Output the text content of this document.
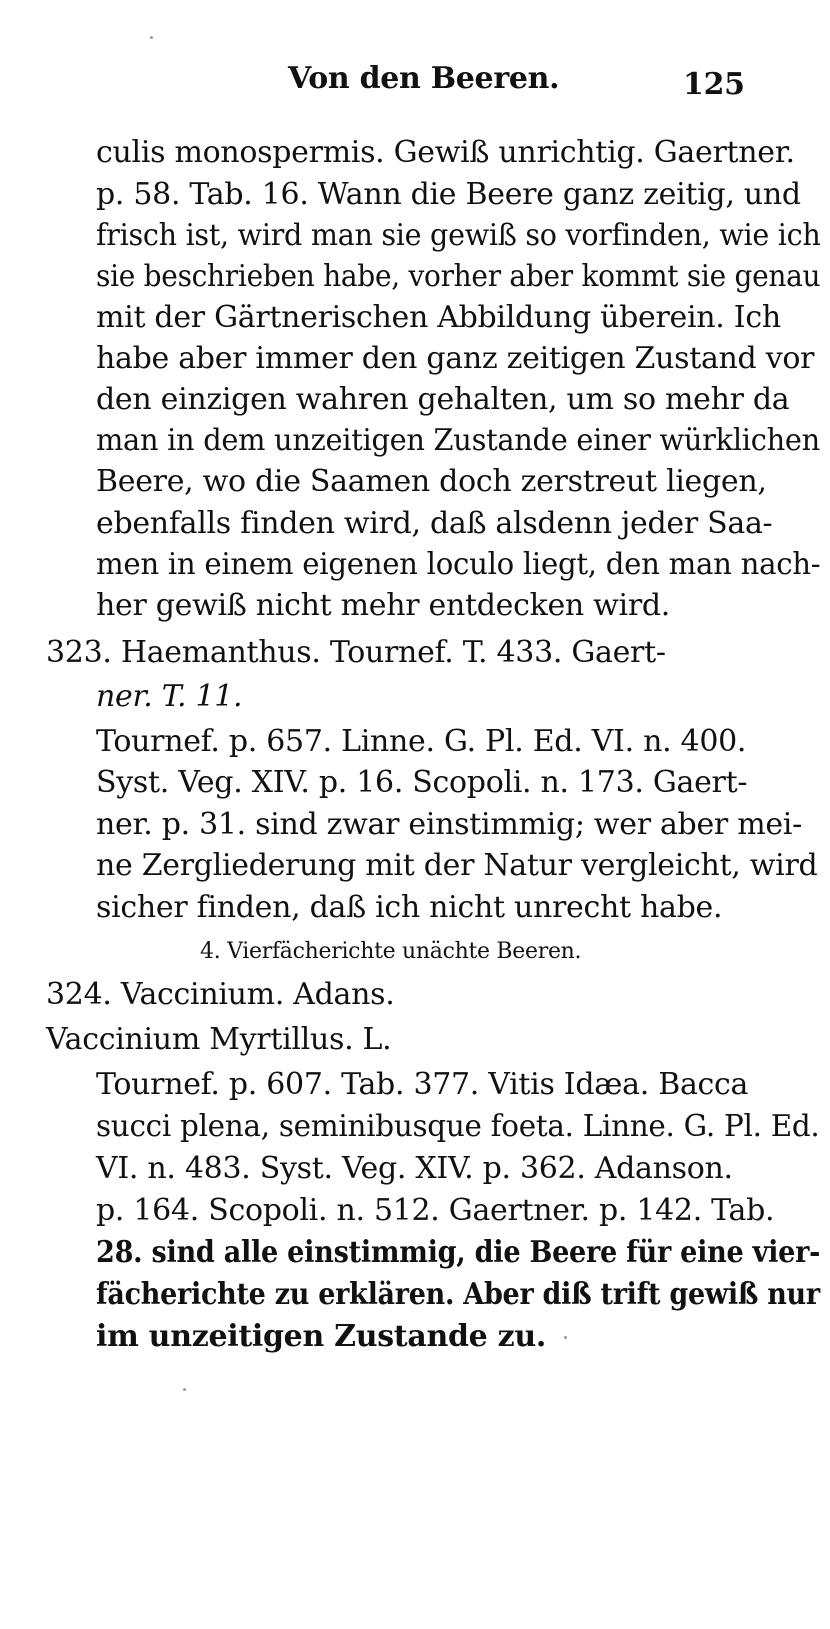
Von den Beeren.	125
culis monospermis. Gewiß unrichtig. Gaertner.
p. 58. Tab. 16. Wann die Beere ganz zeitig, und
frisch ist, wird man sie gewiß so vorfinden, wie ich
sie beschrieben habe, vorher aber kommt sie genau
mit der Gärtnerischen Abbildung überein. Ich
habe aber immer den ganz zeitigen Zustand vor
den einzigen wahren gehalten, um so mehr da
man in dem unzeitigen Zustande einer würklichen
Beere, wo die Saamen doch zerstreut liegen,
ebenfalls finden wird, daß alsdenn jeder Saa-
men in einem eigenen loculo liegt, den man nach-
her gewiß nicht mehr entdecken wird.
323. Haemanthus. Tournef. T. 433. Gaert-
ner. T. 11.
Tournef. p. 657. Linne. G. Pl. Ed. VI. n. 400.
Syst. Veg. XIV. p. 16. Scopoli. n. 173. Gaert-
ner. p. 31. sind zwar einstimmig; wer aber mei-
ne Zergliederung mit der Natur vergleicht, wird
sicher finden, daß ich nicht unrecht habe.
4. Vierfächerichte unächte Beeren.
324. Vaccinium. Adans.
Vaccinium Myrtillus. L.
Tournef. p. 607. Tab. 377. Vitis Idæa. Bacca
succi plena, seminibusque foeta. Linne. G. Pl. Ed.
VI. n. 483. Syst. Veg. XIV. p. 362. Adanson.
p. 164. Scopoli. n. 512. Gaertner. p. 142. Tab.
28. sind alle einstimmig, die Beere für eine vier-
fächerichte zu erklären. Aber diß trift gewiß nur
im unzeitigen Zustande zu.
